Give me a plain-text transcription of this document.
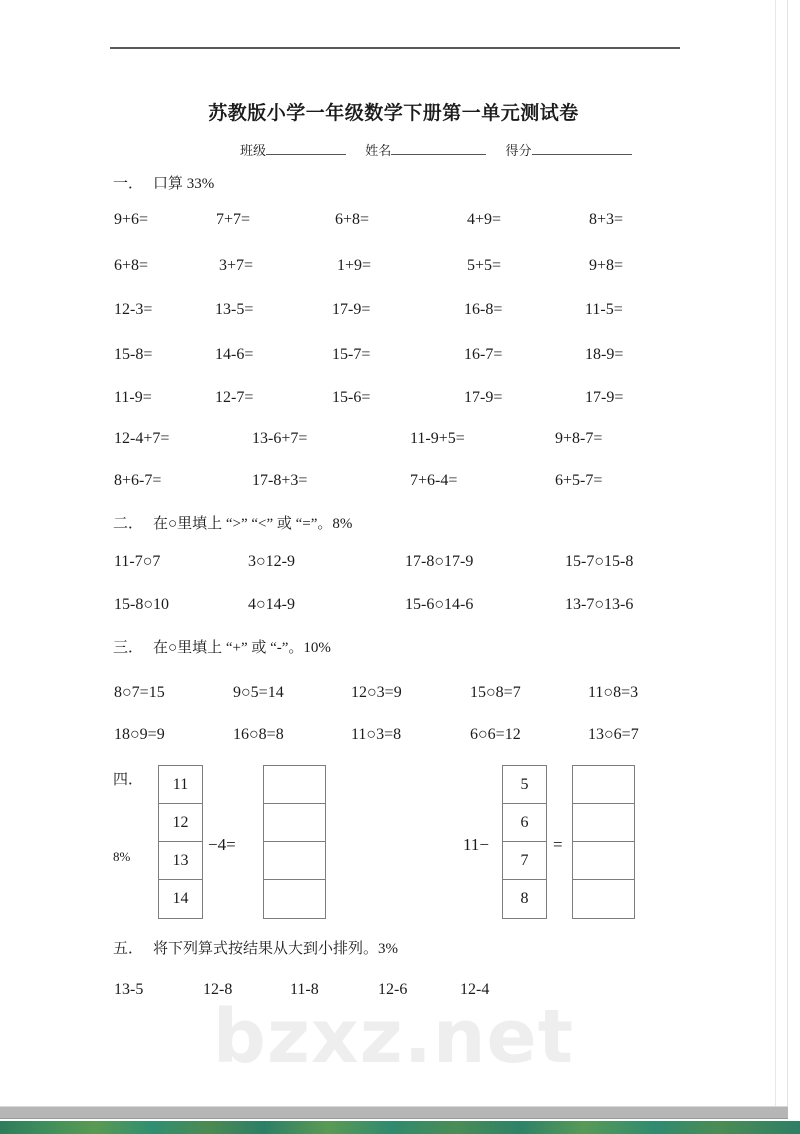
bzxz.net
苏教版小学一年级数学下册第一单元测试卷
班级	姓名	得分
一． 口算 33%
9+6=	7+7=	6+8=	4+9=	8+3=
6+8=	3+7=	1+9=	5+5=	9+8=
12-3=	13-5=	17-9=	16-8=	11-5=
15-8=	14-6=	15-7=	16-7=	18-9=
11-9=	12-7=	15-6=	17-9=	17-9=
12-4+7=	13-6+7=	11-9+5=	9+8-7=
8+6-7=	17-8+3=	7+6-4=	6+5-7=
二． 在○里填上 “>” “<” 或 “=”。8%
11-7○7	3○12-9	17-8○17-9	15-7○15-8
15-8○10	4○14-9	15-6○14-6	13-7○13-6
三． 在○里填上 “+” 或 “-”。10%
8○7=15	9○5=14	12○3=9	15○8=7	11○8=3
18○9=9	16○8=8	11○3=8	6○6=12	13○6=7
四．
8%
11
12
13
14
−4=	11−
5
6
7
8
=
五． 将下列算式按结果从大到小排列。3%
13-5	12-8	11-8	12-6	12-4
